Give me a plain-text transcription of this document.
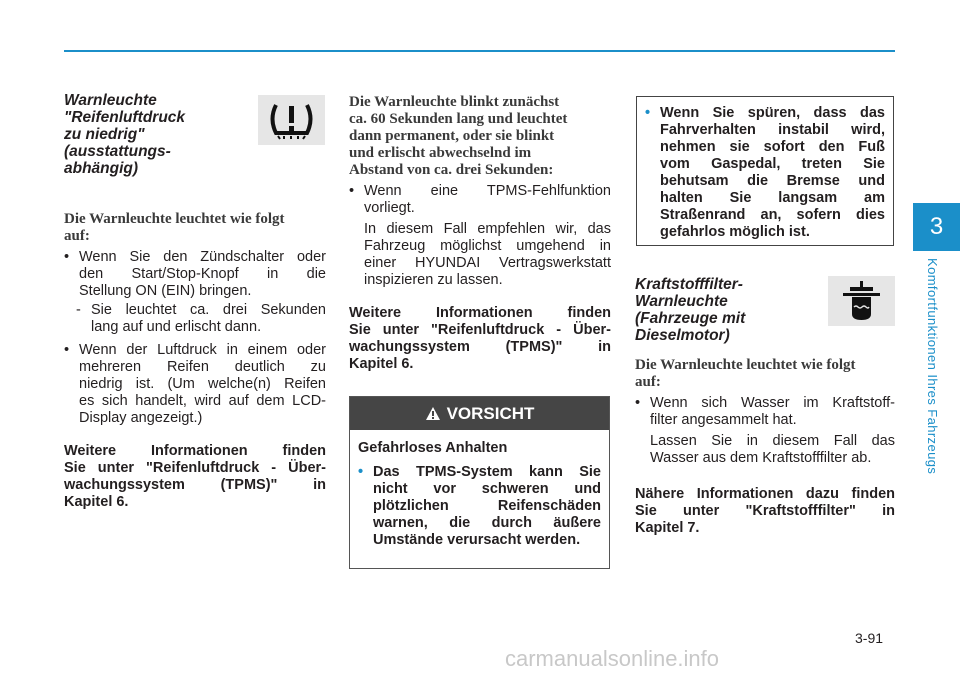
3
Komfortfunktionen Ihres Fahrzeugs
Warnleuchte
"Reifenluftdruck
zu niedrig"
(ausstattungs-
abhängig)
Die Warnleuchte leuchtet wie folgt
auf:
• Wenn Sie den Zündschalter oder
den Start/Stop-Knopf in die
Stellung ON (EIN) bringen.
- Sie leuchtet ca. drei Sekunden
lang auf und erlischt dann.
• Wenn der Luftdruck in einem oder
mehreren Reifen deutlich zu
niedrig ist. (Um welche(n) Reifen
es sich handelt, wird auf dem LCD-
Display angezeigt.)
Weitere Informationen finden
Sie unter "Reifenluftdruck - Über-
wachungssystem (TPMS)" in
Kapitel 6.
Die Warnleuchte blinkt zunächst
ca. 60 Sekunden lang und leuchtet
dann permanent, oder sie blinkt
und erlischt abwechselnd im
Abstand von ca. drei Sekunden:
• Wenn eine TPMS-Fehlfunktion
vorliegt.
In diesem Fall empfehlen wir, das
Fahrzeug möglichst umgehend in
einer HYUNDAI Vertragswerkstatt
inspizieren zu lassen.
Weitere Informationen finden
Sie unter "Reifenluftdruck - Über-
wachungssystem (TPMS)" in
Kapitel 6.
VORSICHT
Gefahrloses Anhalten
• Das TPMS-System kann Sie
nicht vor schweren und
plötzlichen Reifenschäden
warnen, die durch äußere
Umstände verursacht werden.
• Wenn Sie spüren, dass das
Fahrverhalten instabil wird,
nehmen sie sofort den Fuß
vom Gaspedal, treten Sie
behutsam die Bremse und
halten Sie langsam am
Straßenrand an, sofern dies
gefahrlos möglich ist.
Kraftstofffilter-
Warnleuchte
(Fahrzeuge mit
Dieselmotor)
Die Warnleuchte leuchtet wie folgt
auf:
• Wenn sich Wasser im Kraftstoff-
filter angesammelt hat.
Lassen Sie in diesem Fall das
Wasser aus dem Kraftstofffilter ab.
Nähere Informationen dazu finden
Sie unter "Kraftstofffilter" in
Kapitel 7.
3-91
carmanualsonline.info
